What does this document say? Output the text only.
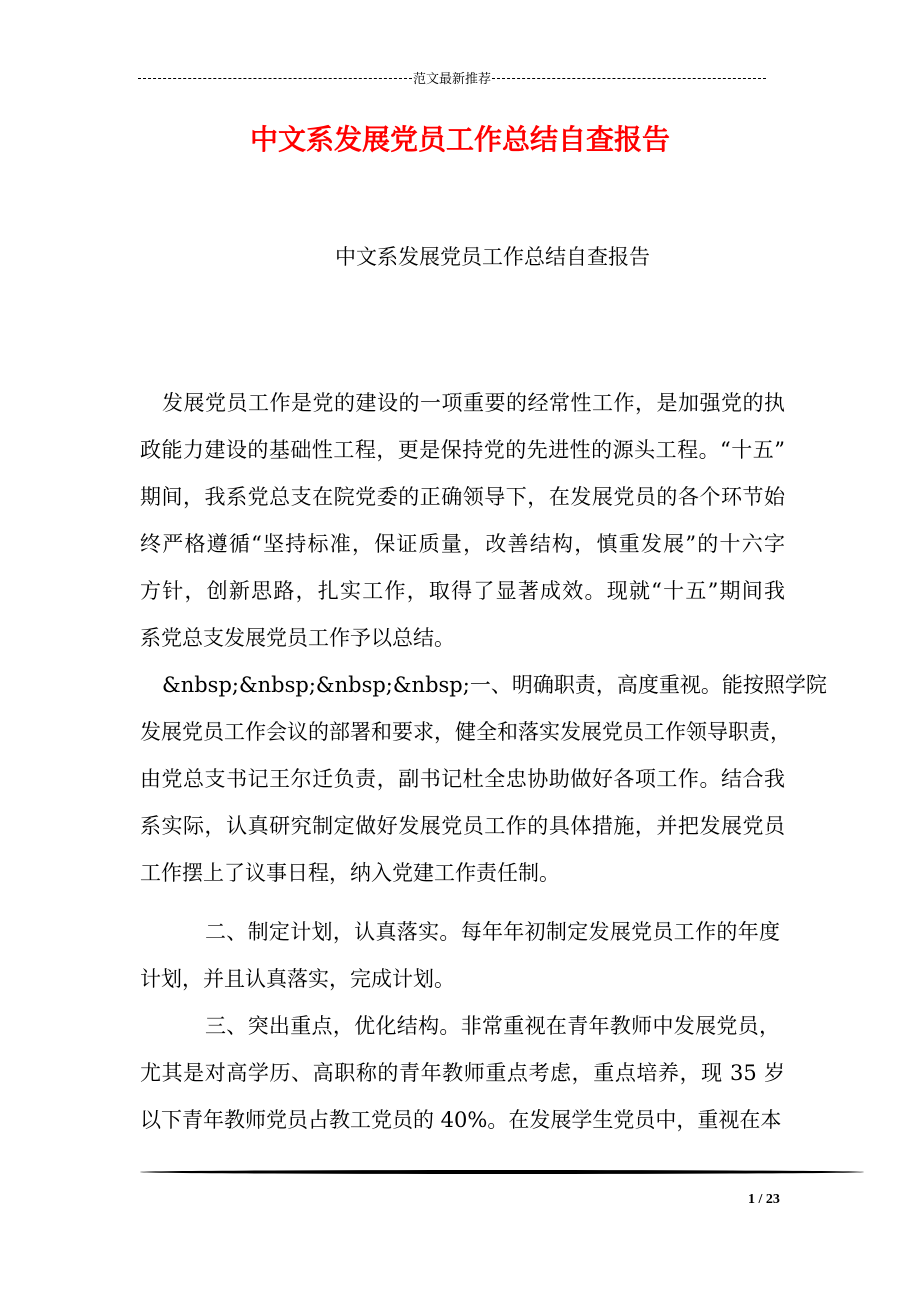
范文最新推荐
中文系发展党员工作总结自查报告
中文系发展党员工作总结自查报告
发展党员工作是党的建设的一项重要的经常性工作，是加强党的执
政能力建设的基础性工程，更是保持党的先进性的源头工程。“十五”
期间，我系党总支在院党委的正确领导下，在发展党员的各个环节始
终严格遵循“坚持标准，保证质量，改善结构，慎重发展”的十六字
方针，创新思路，扎实工作，取得了显著成效。现就“十五”期间我
系党总支发展党员工作予以总结。
&nbsp;&nbsp;&nbsp;&nbsp;一、明确职责，高度重视。能按照学院
发展党员工作会议的部署和要求，健全和落实发展党员工作领导职责，
由党总支书记王尔迁负责，副书记杜全忠协助做好各项工作。结合我
系实际，认真研究制定做好发展党员工作的具体措施，并把发展党员
工作摆上了议事日程，纳入党建工作责任制。
二、制定计划，认真落实。每年年初制定发展党员工作的年度
计划，并且认真落实，完成计划。
三、突出重点，优化结构。非常重视在青年教师中发展党员，
尤其是对高学历、高职称的青年教师重点考虑，重点培养，现 35 岁
以下青年教师党员占教工党员的 40%。在发展学生党员中，重视在本
1 / 23
